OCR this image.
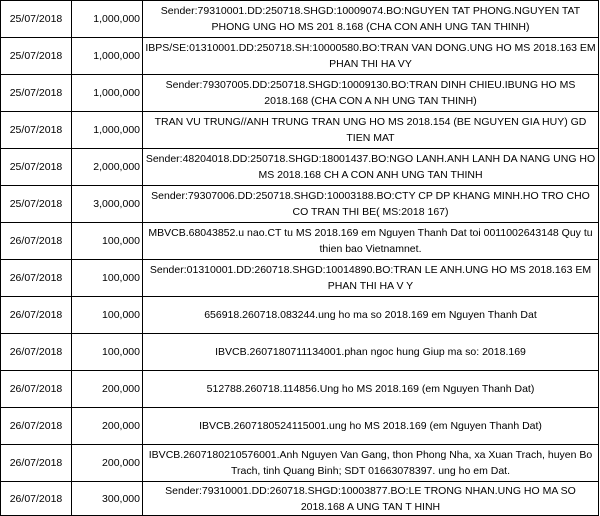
25/07/2018	1,000,000	Sender:79310001.DD:250718.SHGD:10009074.BO:NGUYEN TAT PHONG.NGUYEN TAT PHONG UNG HO MS 201 8.168 (CHA CON ANH UNG TAN THINH)
25/07/2018	1,000,000	IBPS/SE:01310001.DD:250718.SH:10000580.BO:TRAN VAN DONG.UNG HO MS 2018.163 EM PHAN THI HA VY
25/07/2018	1,000,000	Sender:79307005.DD:250718.SHGD:10009130.BO:TRAN DINH CHIEU.IBUNG HO MS 2018.168 (CHA CON A NH UNG TAN THINH)
25/07/2018	1,000,000	TRAN VU TRUNG//ANH TRUNG TRAN UNG HO MS 2018.154 (BE NGUYEN GIA HUY) GD TIEN MAT
25/07/2018	2,000,000	Sender:48204018.DD:250718.SHGD:18001437.BO:NGO LANH.ANH LANH DA NANG UNG HO MS 2018.168 CH A CON ANH UNG TAN THINH
25/07/2018	3,000,000	Sender:79307006.DD:250718.SHGD:10003188.BO:CTY CP DP KHANG MINH.HO TRO CHO CO TRAN THI BE( MS:2018 167)
26/07/2018	100,000	MBVCB.68043852.u nao.CT tu MS 2018.169 em Nguyen Thanh Dat toi 0011002643148 Quy tu thien bao Vietnamnet.
26/07/2018	100,000	Sender:01310001.DD:260718.SHGD:10014890.BO:TRAN LE ANH.UNG HO MS 2018.163 EM PHAN THI HA V Y
26/07/2018	100,000	656918.260718.083244.ung ho ma so 2018.169 em Nguyen Thanh Dat
26/07/2018	100,000	IBVCB.2607180711134001.phan ngoc hung Giup ma so: 2018.169
26/07/2018	200,000	512788.260718.114856.Ung ho MS 2018.169 (em Nguyen Thanh Dat)
26/07/2018	200,000	IBVCB.2607180524115001.ung ho MS 2018.169 (em Nguyen Thanh Dat)
26/07/2018	200,000	IBVCB.2607180210576001.Anh Nguyen Van Gang, thon Phong Nha, xa Xuan Trach, huyen Bo Trach, tinh Quang Binh; SDT 01663078397. ung ho em Dat.
26/07/2018	300,000	Sender:79310001.DD:260718.SHGD:10003877.BO:LE TRONG NHAN.UNG HO MA SO 2018.168 A UNG TAN T HINH
